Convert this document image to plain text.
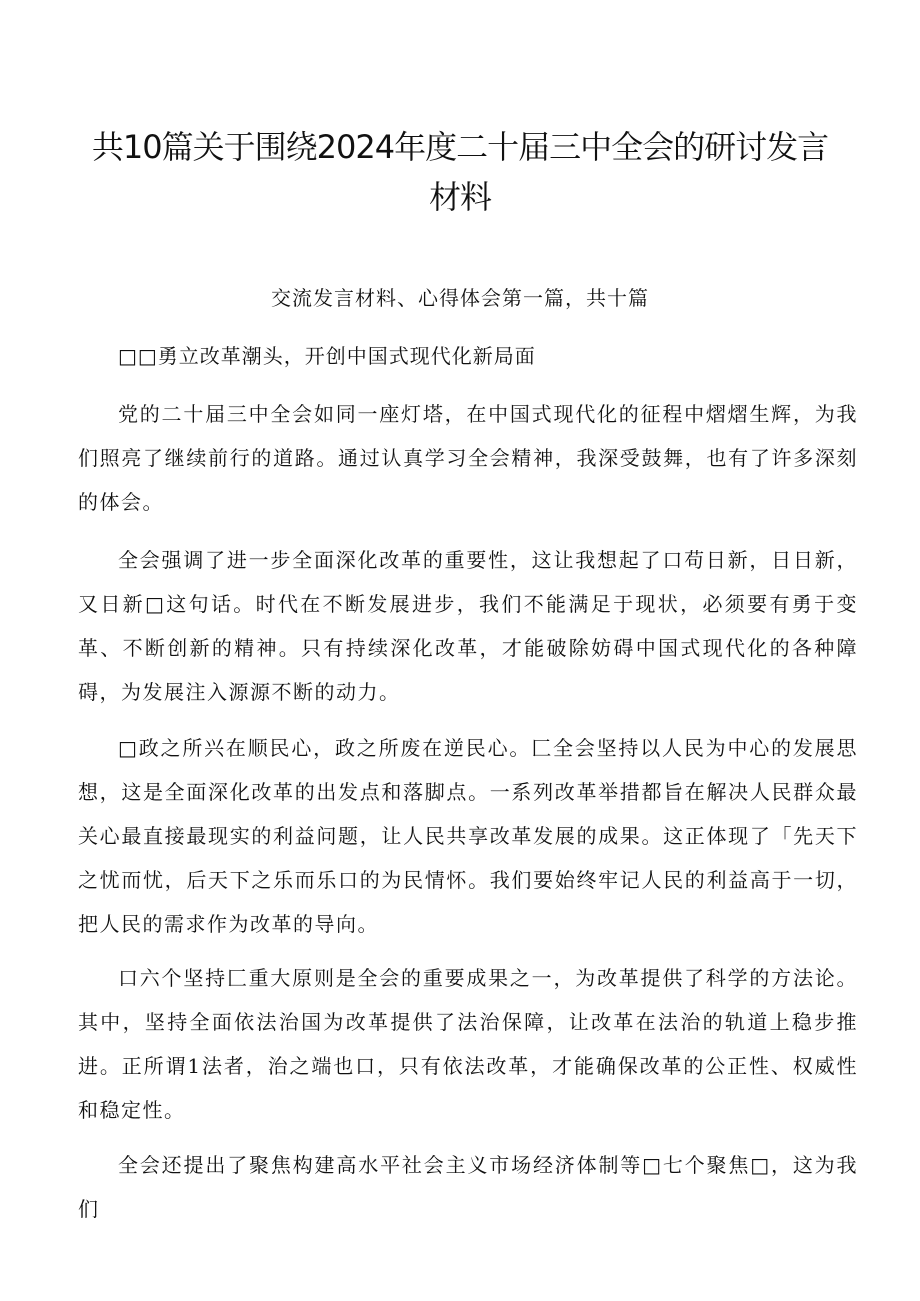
共10篇关于围绕2024年度二十届三中全会的研讨发言材料
交流发言材料、心得体会第一篇，共十篇
□□勇立改革潮头，开创中国式现代化新局面

党的二十届三中全会如同一座灯塔，在中国式现代化的征程中熠熠生辉，为我们照亮了继续前行的道路。通过认真学习全会精神，我深受鼓舞，也有了许多深刻的体会。

全会强调了进一步全面深化改革的重要性，这让我想起了口苟日新，日日新，又日新□这句话。时代在不断发展进步，我们不能满足于现状，必须要有勇于变革、不断创新的精神。只有持续深化改革，才能破除妨碍中国式现代化的各种障碍，为发展注入源源不断的动力。

□政之所兴在顺民心，政之所废在逆民心。匚全会坚持以人民为中心的发展思想，这是全面深化改革的出发点和落脚点。一系列改革举措都旨在解决人民群众最关心最直接最现实的利益问题，让人民共享改革发展的成果。这正体现了「先天下之忧而忧，后天下之乐而乐口的为民情怀。我们要始终牢记人民的利益高于一切，把人民的需求作为改革的导向。

口六个坚持匚重大原则是全会的重要成果之一，为改革提供了科学的方法论。其中，坚持全面依法治国为改革提供了法治保障，让改革在法治的轨道上稳步推进。正所谓1法者，治之端也口，只有依法改革，才能确保改革的公正性、权威性和稳定性。

全会还提出了聚焦构建高水平社会主义市场经济体制等□七个聚焦□，这为我们
